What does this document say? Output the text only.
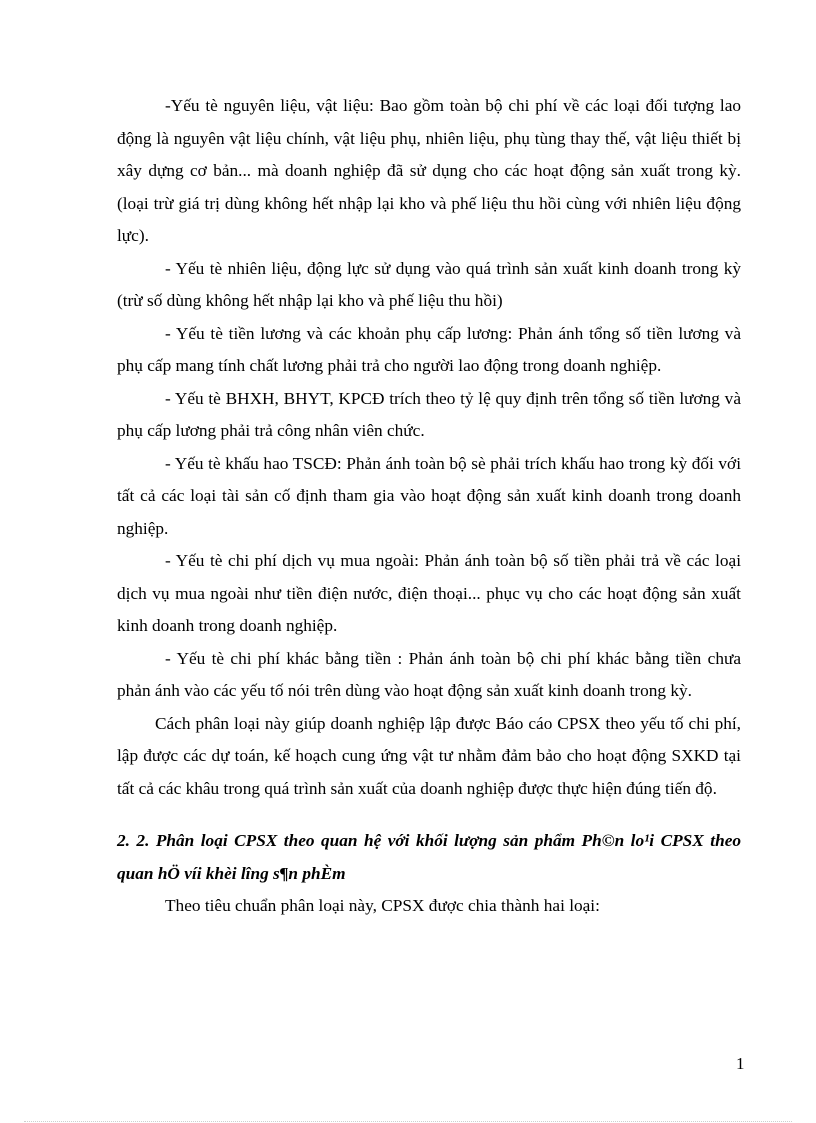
-Yếu tè nguyên liệu, vật liệu: Bao gồm toàn bộ chi phí về các loại đối tượng lao động là nguyên vật liệu chính, vật liệu phụ, nhiên liệu, phụ tùng thay thế, vật liệu thiết bị xây dựng cơ bản... mà doanh nghiệp đã sử dụng cho các hoạt động sản xuất trong kỳ. (loại trừ giá trị dùng không hết nhập lại kho và phế liệu thu hồi cùng với nhiên liệu động lực).

- Yếu tè nhiên liệu, động lực sử dụng vào quá trình sản xuất kinh doanh trong kỳ (trừ số dùng không hết nhập lại kho và phế liệu thu hồi)

- Yếu tè tiền lương và các khoản phụ cấp lương: Phản ánh tổng số tiền lương và phụ cấp mang tính chất lương phải trả cho người lao động trong doanh nghiệp.

- Yếu tè BHXH, BHYT, KPCĐ trích theo tỷ lệ quy định trên tổng số tiền lương và phụ cấp lương phải trả công nhân viên chức.

- Yếu tè khấu hao TSCĐ: Phản ánh toàn bộ sè phải trích khấu hao trong kỳ đối với tất cả các loại tài sản cố định tham gia vào hoạt động sản xuất kinh doanh trong doanh nghiệp.

- Yếu tè chi phí dịch vụ mua ngoài: Phản ánh toàn bộ số tiền phải trả về các loại dịch vụ mua ngoài như tiền điện nước, điện thoại... phục vụ cho các hoạt động sản xuất kinh doanh trong doanh nghiệp.

- Yếu tè chi phí khác bằng tiền : Phản ánh toàn bộ chi phí khác bằng tiền chưa phản ánh vào các yếu tố nói trên dùng vào hoạt động sản xuất kinh doanh trong kỳ.

Cách phân loại này giúp doanh nghiệp lập được Báo cáo CPSX theo yếu tố chi phí, lập được các dự toán, kế hoạch cung ứng vật tư nhằm đảm bảo cho hoạt động SXKD tại tất cả các khâu trong quá trình sản xuất của doanh nghiệp được thực hiện đúng tiến độ.

2. 2. Phân loại CPSX theo quan hệ với khối lượng sản phẩm Ph©n lo¹i CPSX theo quan hÖ víi khèi lîng s¶n phÈm

Theo tiêu chuẩn phân loại này, CPSX được chia thành hai loại:

1
